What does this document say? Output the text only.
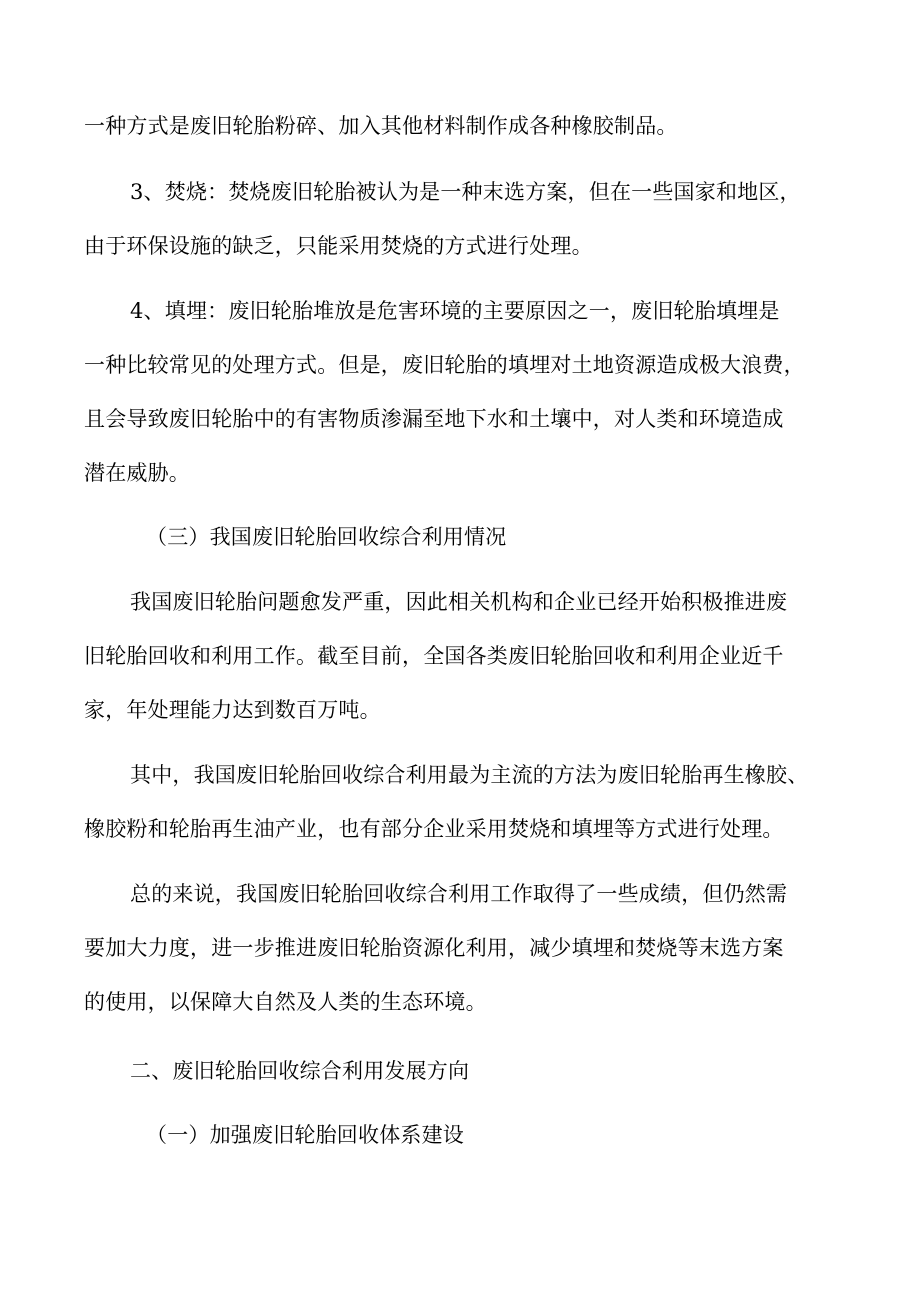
一种方式是废旧轮胎粉碎、加入其他材料制作成各种橡胶制品。
3、焚烧：焚烧废旧轮胎被认为是一种末选方案，但在一些国家和地区，
由于环保设施的缺乏，只能采用焚烧的方式进行处理。
4、填埋：废旧轮胎堆放是危害环境的主要原因之一，废旧轮胎填埋是
一种比较常见的处理方式。但是，废旧轮胎的填埋对土地资源造成极大浪费，
且会导致废旧轮胎中的有害物质渗漏至地下水和土壤中，对人类和环境造成
潜在威胁。
（三）我国废旧轮胎回收综合利用情况
我国废旧轮胎问题愈发严重，因此相关机构和企业已经开始积极推进废
旧轮胎回收和利用工作。截至目前，全国各类废旧轮胎回收和利用企业近千
家，年处理能力达到数百万吨。
其中，我国废旧轮胎回收综合利用最为主流的方法为废旧轮胎再生橡胶、
橡胶粉和轮胎再生油产业，也有部分企业采用焚烧和填埋等方式进行处理。
总的来说，我国废旧轮胎回收综合利用工作取得了一些成绩，但仍然需
要加大力度，进一步推进废旧轮胎资源化利用，减少填埋和焚烧等末选方案
的使用，以保障大自然及人类的生态环境。
二、废旧轮胎回收综合利用发展方向
（一）加强废旧轮胎回收体系建设
